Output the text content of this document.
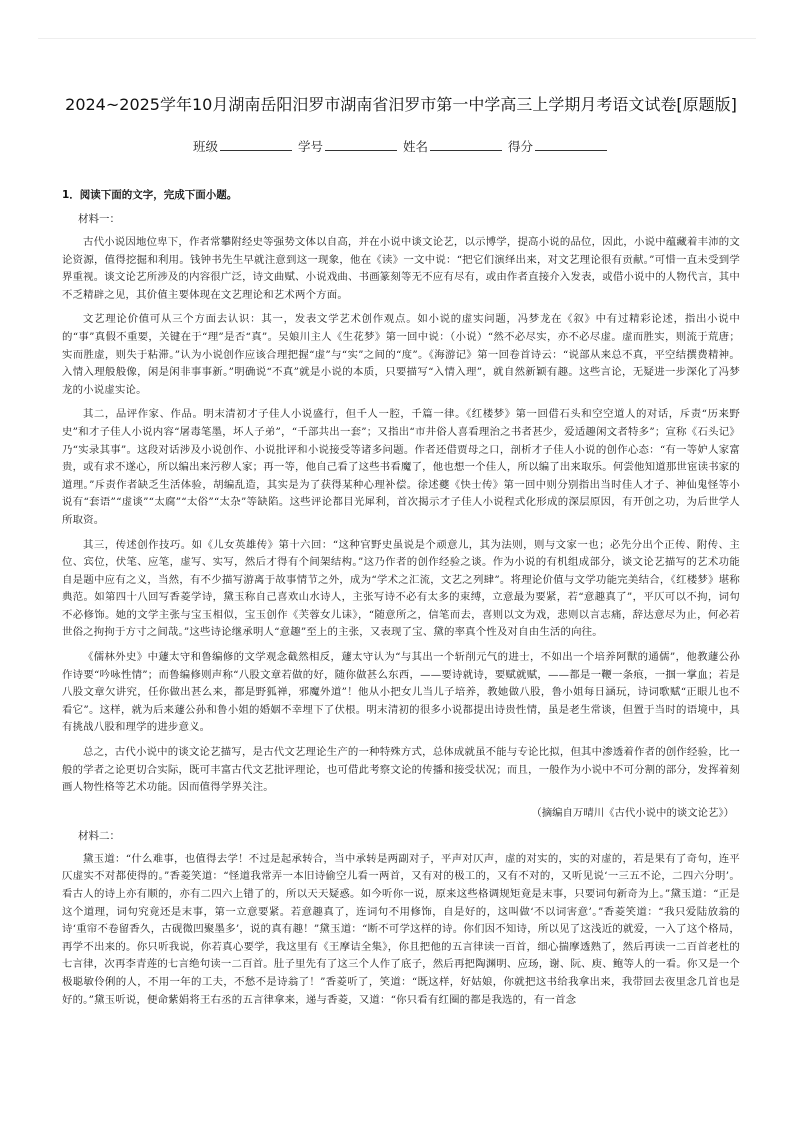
2024~2025学年10月湖南岳阳汨罗市湖南省汨罗市第一中学高三上学期月考语文试卷[原题版]
班级	学号	姓名	得分
1．阅读下面的文字，完成下面小题。
材料一：

古代小说因地位卑下，作者常攀附经史等强势文体以自高，并在小说中谈文论艺，以示博学，提高小说的品位，因此，小说中蕴藏着丰沛的文论资源，值得挖掘和利用。钱钟书先生早就注意到这一现象，他在《读》一文中说：“把它们演绎出来，对文艺理论很有贡献。”可惜一直未受到学界重视。谈文论艺所涉及的内容很广泛，诗文曲赋、小说戏曲、书画篆刻等无不应有尽有，或由作者直接介入发表，或借小说中的人物代言，其中不乏精辟之见，其价值主要体现在文艺理论和艺术两个方面。

文艺理论价值可从三个方面去认识：其一，发表文学艺术创作观点。如小说的虚实问题，冯梦龙在《叙》中有过精彩论述，指出小说中的“事”真假不重要，关键在于“理”是否“真”。吴娘川主人《生花梦》第一回中说：（小说）“然不必尽实，亦不必尽虚。虚而胜实，则流于荒唐；实而胜虚，则失于粘滞。”认为小说创作应该合理把握“虚”与“实”之间的“度”。《海游记》第一回卷首诗云：“说部从来总不真，平空结撰费精神。入情入理般般像，闲是闲非事事新。”明确说“不真”就是小说的本质，只要描写“入情入理”，就自然新颖有趣。这些言论，无疑进一步深化了冯梦龙的小说虚实论。

其二，品评作家、作品。明末清初才子佳人小说盛行，但千人一腔，千篇一律。《红楼梦》第一回借石头和空空道人的对话，斥责“历来野史”和才子佳人小说内容“屠毒笔墨，坏人子弟”，“千部共出一套”；又指出“市井俗人喜看理治之书者甚少，爱适趣闲文者特多”；宣称《石头记》乃“实录其事”。这段对话涉及小说创作、小说批评和小说接受等诸多问题。作者还借贾母之口，剖析才子佳人小说的创作心态：“有一等妒人家富贵，或有求不遂心，所以编出来污秽人家；再一等，他自己看了这些书看魔了，他也想一个佳人，所以编了出来取乐。何尝他知道那世宦读书家的道理。”斥责作者缺乏生活体验，胡编乱造，其实是为了获得某种心理补偿。徐述夔《快士传》第一回中则分别指出当时佳人才子、神仙鬼怪等小说有“套语”“虚谈”“太腐”“太俗”“太杂”等缺陷。这些评论都目光犀利，首次揭示才子佳人小说程式化形成的深层原因，有开创之功，为后世学人所取资。

其三，传述创作技巧。如《儿女英雄传》第十六回：“这种官野史虽说是个顽意儿，其为法则，则与文家一也；必先分出个正传、附传、主位、宾位，伏笔、应笔，虚写、实写，然后才得有个间架结构。”这乃作者的创作经验之谈。作为小说的有机组成部分，谈文论艺描写的艺术功能自是题中应有之义，当然，有不少描写游离于故事情节之外，成为“学术之汇流，文艺之列肆”。将理论价值与文学功能完美结合，《红楼梦》堪称典范。如第四十八回写香菱学诗，黛玉称自己喜欢山水诗人，主张写诗不必有太多的束缚，立意最为要紧，若“意趣真了”，平仄可以不拘，词句不必修饰。她的文学主张与宝玉相似，宝玉创作《芙蓉女儿诔》，“随意所之，信笔而去，喜则以文为戏，悲则以言志痛，辞达意尽为止，何必若世俗之拘拘于方寸之间哉。”这些诗论继承明人“意趣”至上的主张，又表现了宝、黛的率真个性及对自由生活的向往。

《儒林外史》中蘧太守和鲁编修的文学观念截然相反，蘧太守认为“与其出一个斩削元气的进士，不如出一个培养阿獸的通儒”，他教蘧公孙作诗要“吟咏性情”；而鲁编修则声称“八股文章若做的好，随你做甚么东西，——要诗就诗，要赋就赋，——都是一鞭一条痕，一掴一掌血；若是八股文章欠讲究，任你做出甚么来，都是野狐禅，邪魔外道”！他从小把女儿当儿子培养，教她做八股，鲁小姐每日涵玩，诗词歌赋“正眼儿也不看它”。这样，就为后来蘧公孙和鲁小姐的婚姻不幸埋下了伏根。明末清初的很多小说都提出诗贵性情，虽是老生常谈，但置于当时的语境中，具有挑战八股和理学的进步意义。

总之，古代小说中的谈文论艺描写，是古代文艺理论生产的一种特殊方式，总体成就虽不能与专论比拟，但其中渗透着作者的创作经验，比一般的学者之论更切合实际，既可丰富古代文艺批评理论，也可借此考察文论的传播和接受状况；而且，一般作为小说中不可分割的部分，发挥着刻画人物性格等艺术功能。因而值得学界关注。

（摘编自万晴川《古代小说中的谈文论艺》）
材料二：

黛玉道：“什么难事，也值得去学！不过是起承转合，当中承转是两副对子，平声对仄声，虚的对实的，实的对虚的，若是果有了奇句，连平仄虚实不对都使得的。”香菱笑道：“怪道我常弄一本旧诗偷空儿看一两首，又有对的极工的，又有不对的，又听见说‘一三五不论，二四六分明’。看古人的诗上亦有顺的，亦有二四六上错了的，所以天天疑惑。如今听你一说，原来这些格调规矩竟是末事，只要词句新奇为上。”黛玉道：“正是这个道理，词句究竟还是末事，第一立意要紧。若意趣真了，连词句不用修饰，自是好的，这叫做‘不以词害意’。”香菱笑道：“我只爱陆放翁的诗‘重帘不卷留香久，古砚微凹聚墨多’，说的真有趣！”黛玉道：“断不可学这样的诗。你们因不知诗，所以见了这浅近的就爱，一入了这个格局，再学不出来的。你只听我说，你若真心要学，我这里有《王摩诘全集》，你且把他的五言律读一百首，细心揣摩透熟了，然后再读一二百首老杜的七言律，次再李青莲的七言绝句读一二百首。肚子里先有了这三个人作了底子，然后再把陶渊明、应玚，谢、阮、庾、鲍等人的一看。你又是一个极聪敏伶俐的人，不用一年的工夫，不愁不是诗翁了！”香菱听了，笑道：“既这样，好姑娘，你就把这书给我拿出来，我带回去夜里念几首也是好的。”黛玉听说，便命紫娟将王右丞的五言律拿来，递与香菱，又道：“你只看有红圈的都是我选的，有一首念
